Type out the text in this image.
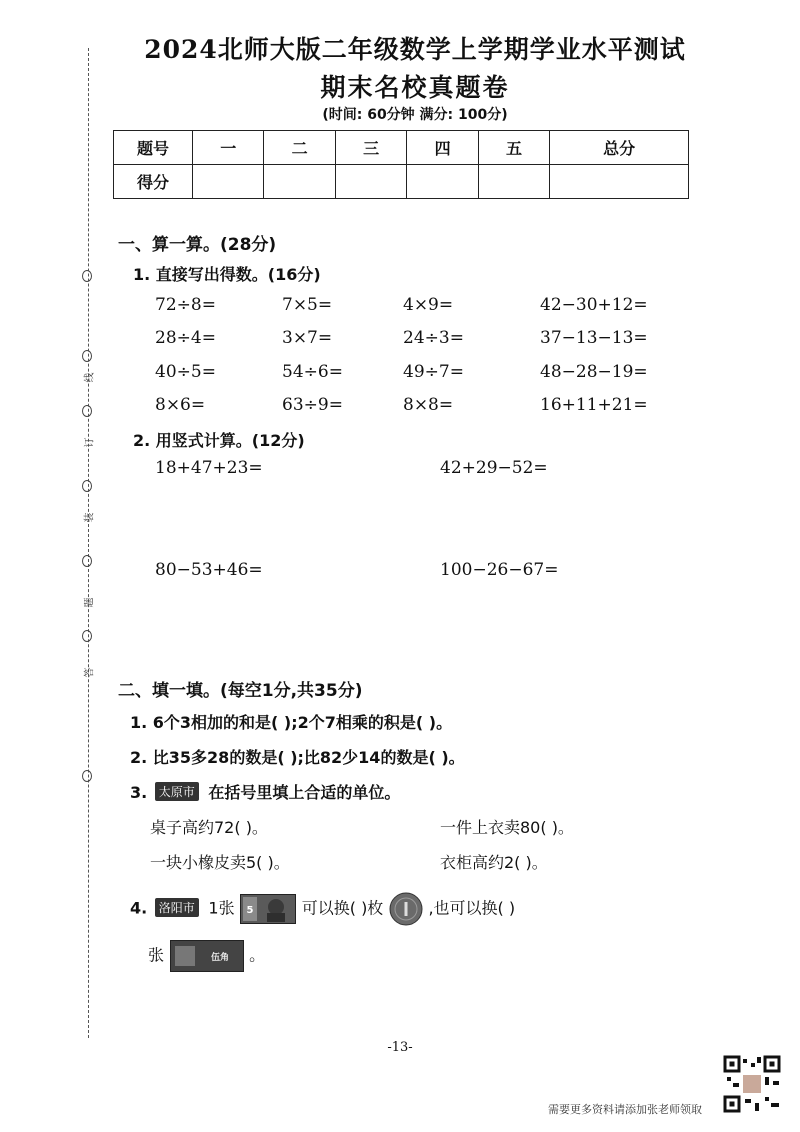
线
订
装
题
答
2024北师大版二年级数学上学期学业水平测试
期末名校真题卷
(时间: 60分钟 满分: 100分)
题号	一	二	三	四	五	总分
得分						
一、算一算。(28分)
1. 直接写出得数。(16分)
72÷8=	7×5=	4×9=	42−30+12=
28÷4=	3×7=	24÷3=	37−13−13=
40÷5=	54÷6=	49÷7=	48−28−19=
8×6=	63÷9=	8×8=	16+11+21=
2. 用竖式计算。(12分)
18+47+23=	42+29−52=
80−53+46=	100−26−67=
二、填一填。(每空1分,共35分)
1. 6个3相加的和是( );2个7相乘的积是( )。
2. 比35多28的数是( );比82少14的数是( )。
3. 太原市 在括号里填上合适的单位。
桌子高约72( )。	一件上衣卖80( )。
一块小橡皮卖5( )。	衣柜高约2( )。
4. 洛阳市 1张 5	可以换( )枚	,也可以换( )
张	伍角 。
-13-
需要更多资料请添加张老师领取
